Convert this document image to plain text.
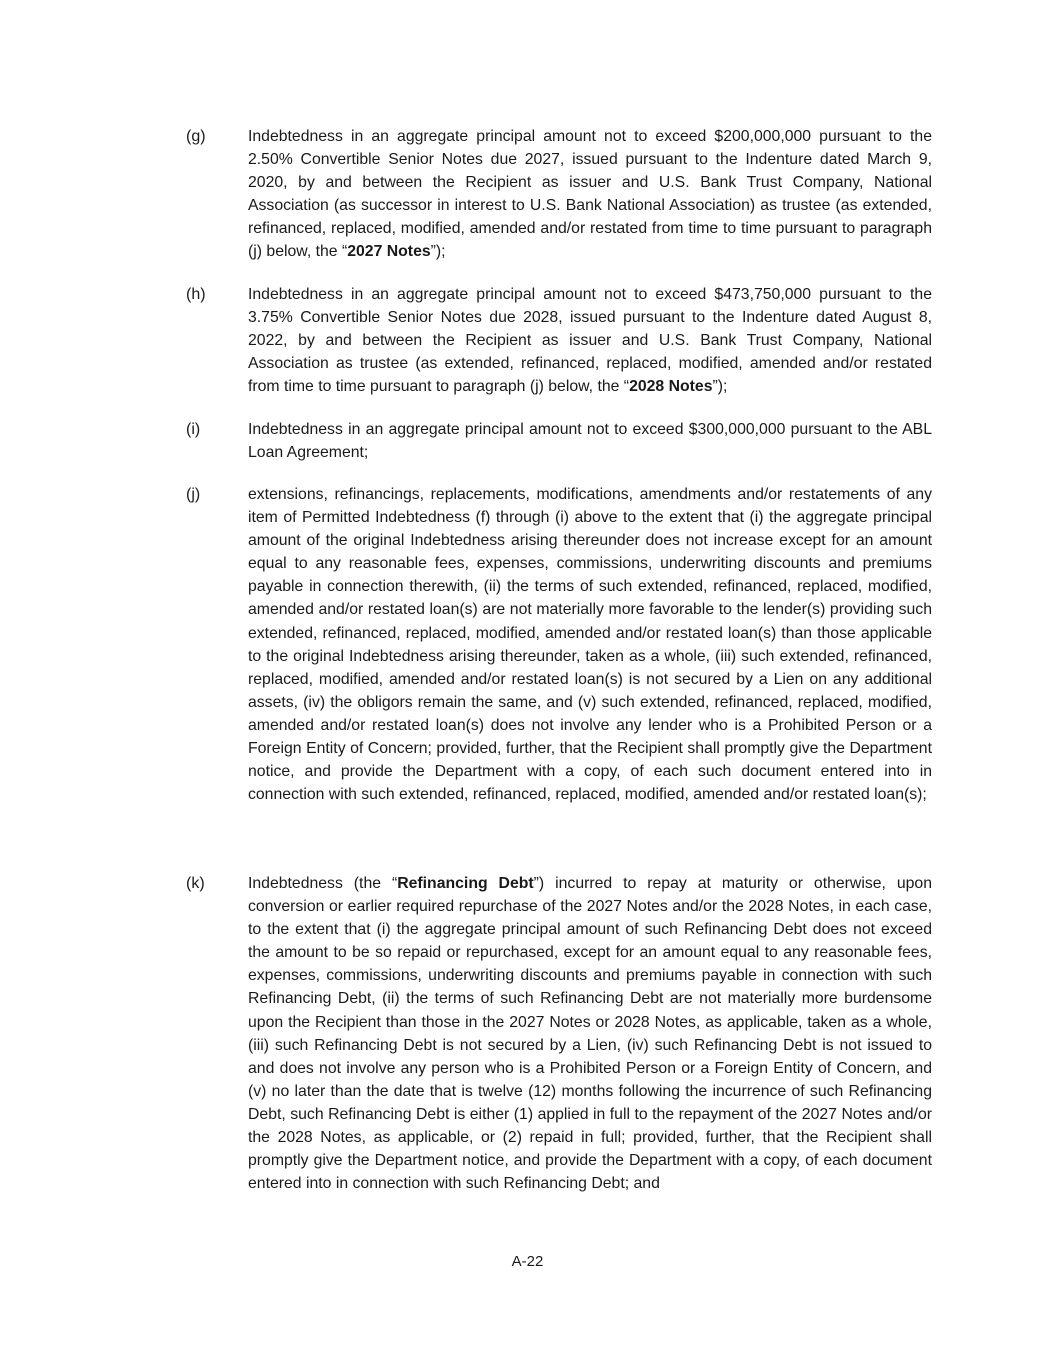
(g)	Indebtedness in an aggregate principal amount not to exceed $200,000,000 pursuant to the 2.50% Convertible Senior Notes due 2027, issued pursuant to the Indenture dated March 9, 2020, by and between the Recipient as issuer and U.S. Bank Trust Company, National Association (as successor in interest to U.S. Bank National Association) as trustee (as extended, refinanced, replaced, modified, amended and/or restated from time to time pursuant to paragraph (j) below, the “2027 Notes”);
(h)	Indebtedness in an aggregate principal amount not to exceed $473,750,000 pursuant to the 3.75% Convertible Senior Notes due 2028, issued pursuant to the Indenture dated August 8, 2022, by and between the Recipient as issuer and U.S. Bank Trust Company, National Association as trustee (as extended, refinanced, replaced, modified, amended and/or restated from time to time pursuant to paragraph (j) below, the “2028 Notes”);
(i)	Indebtedness in an aggregate principal amount not to exceed $300,000,000 pursuant to the ABL Loan Agreement;
(j)	extensions, refinancings, replacements, modifications, amendments and/or restatements of any item of Permitted Indebtedness (f) through (i) above to the extent that (i) the aggregate principal amount of the original Indebtedness arising thereunder does not increase except for an amount equal to any reasonable fees, expenses, commissions, underwriting discounts and premiums payable in connection therewith, (ii) the terms of such extended, refinanced, replaced, modified, amended and/or restated loan(s) are not materially more favorable to the lender(s) providing such extended, refinanced, replaced, modified, amended and/or restated loan(s) than those applicable to the original Indebtedness arising thereunder, taken as a whole, (iii) such extended, refinanced, replaced, modified, amended and/or restated loan(s) is not secured by a Lien on any additional assets, (iv) the obligors remain the same, and (v) such extended, refinanced, replaced, modified, amended and/or restated loan(s) does not involve any lender who is a Prohibited Person or a Foreign Entity of Concern; provided, further, that the Recipient shall promptly give the Department notice, and provide the Department with a copy, of each such document entered into in connection with such extended, refinanced, replaced, modified, amended and/or restated loan(s);
(k)	Indebtedness (the “Refinancing Debt”) incurred to repay at maturity or otherwise, upon conversion or earlier required repurchase of the 2027 Notes and/or the 2028 Notes, in each case, to the extent that (i) the aggregate principal amount of such Refinancing Debt does not exceed the amount to be so repaid or repurchased, except for an amount equal to any reasonable fees, expenses, commissions, underwriting discounts and premiums payable in connection with such Refinancing Debt, (ii) the terms of such Refinancing Debt are not materially more burdensome upon the Recipient than those in the 2027 Notes or 2028 Notes, as applicable, taken as a whole, (iii) such Refinancing Debt is not secured by a Lien, (iv) such Refinancing Debt is not issued to and does not involve any person who is a Prohibited Person or a Foreign Entity of Concern, and (v) no later than the date that is twelve (12) months following the incurrence of such Refinancing Debt, such Refinancing Debt is either (1) applied in full to the repayment of the 2027 Notes and/or the 2028 Notes, as applicable, or (2) repaid in full; provided, further, that the Recipient shall promptly give the Department notice, and provide the Department with a copy, of each document entered into in connection with such Refinancing Debt; and
A-22
